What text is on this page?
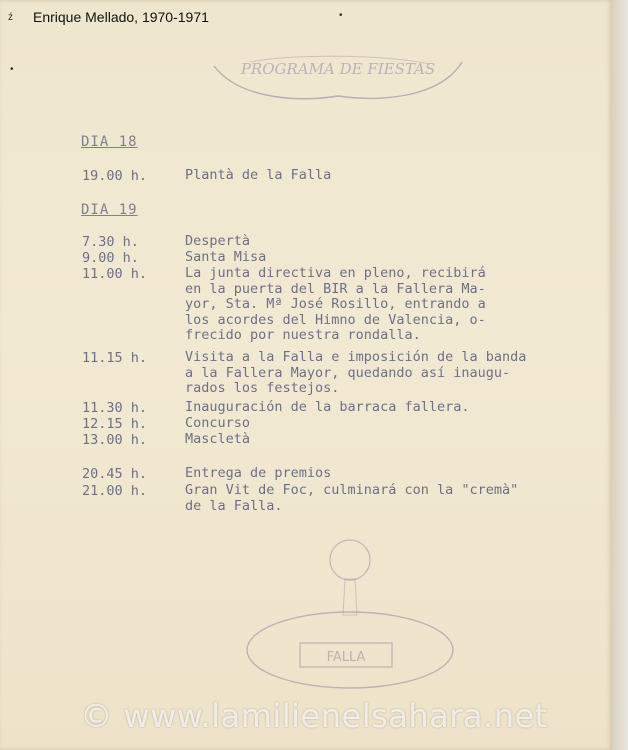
Enrique Mellado, 1970-1971
ź
•
•
PROGRAMA DE FIESTAS
DIA 18
19.00 h.	Plantà de la Falla
DIA 19
7.30 h.	Despertà
9.00 h.	Santa Misa
11.00 h.	La junta directiva en pleno, recibirá
en la puerta del BIR a la Fallera Ma-
yor, Sta. Mª José Rosillo, entrando a
los acordes del Himno de Valencia, o-
frecido por nuestra rondalla.
11.15 h.	Visita a la Falla e imposición de la banda
a la Fallera Mayor, quedando así inaugu-
rados los festejos.
11.30 h.	Inauguración de la barraca fallera.
12.15 h.	Concurso
13.00 h.	Mascletà
20.45 h.	Entrega de premios
21.00 h.	Gran Vit de Foc, culminará con la "cremà"
de la Falla.
FALLA
© www.lamilienelsahara.net
